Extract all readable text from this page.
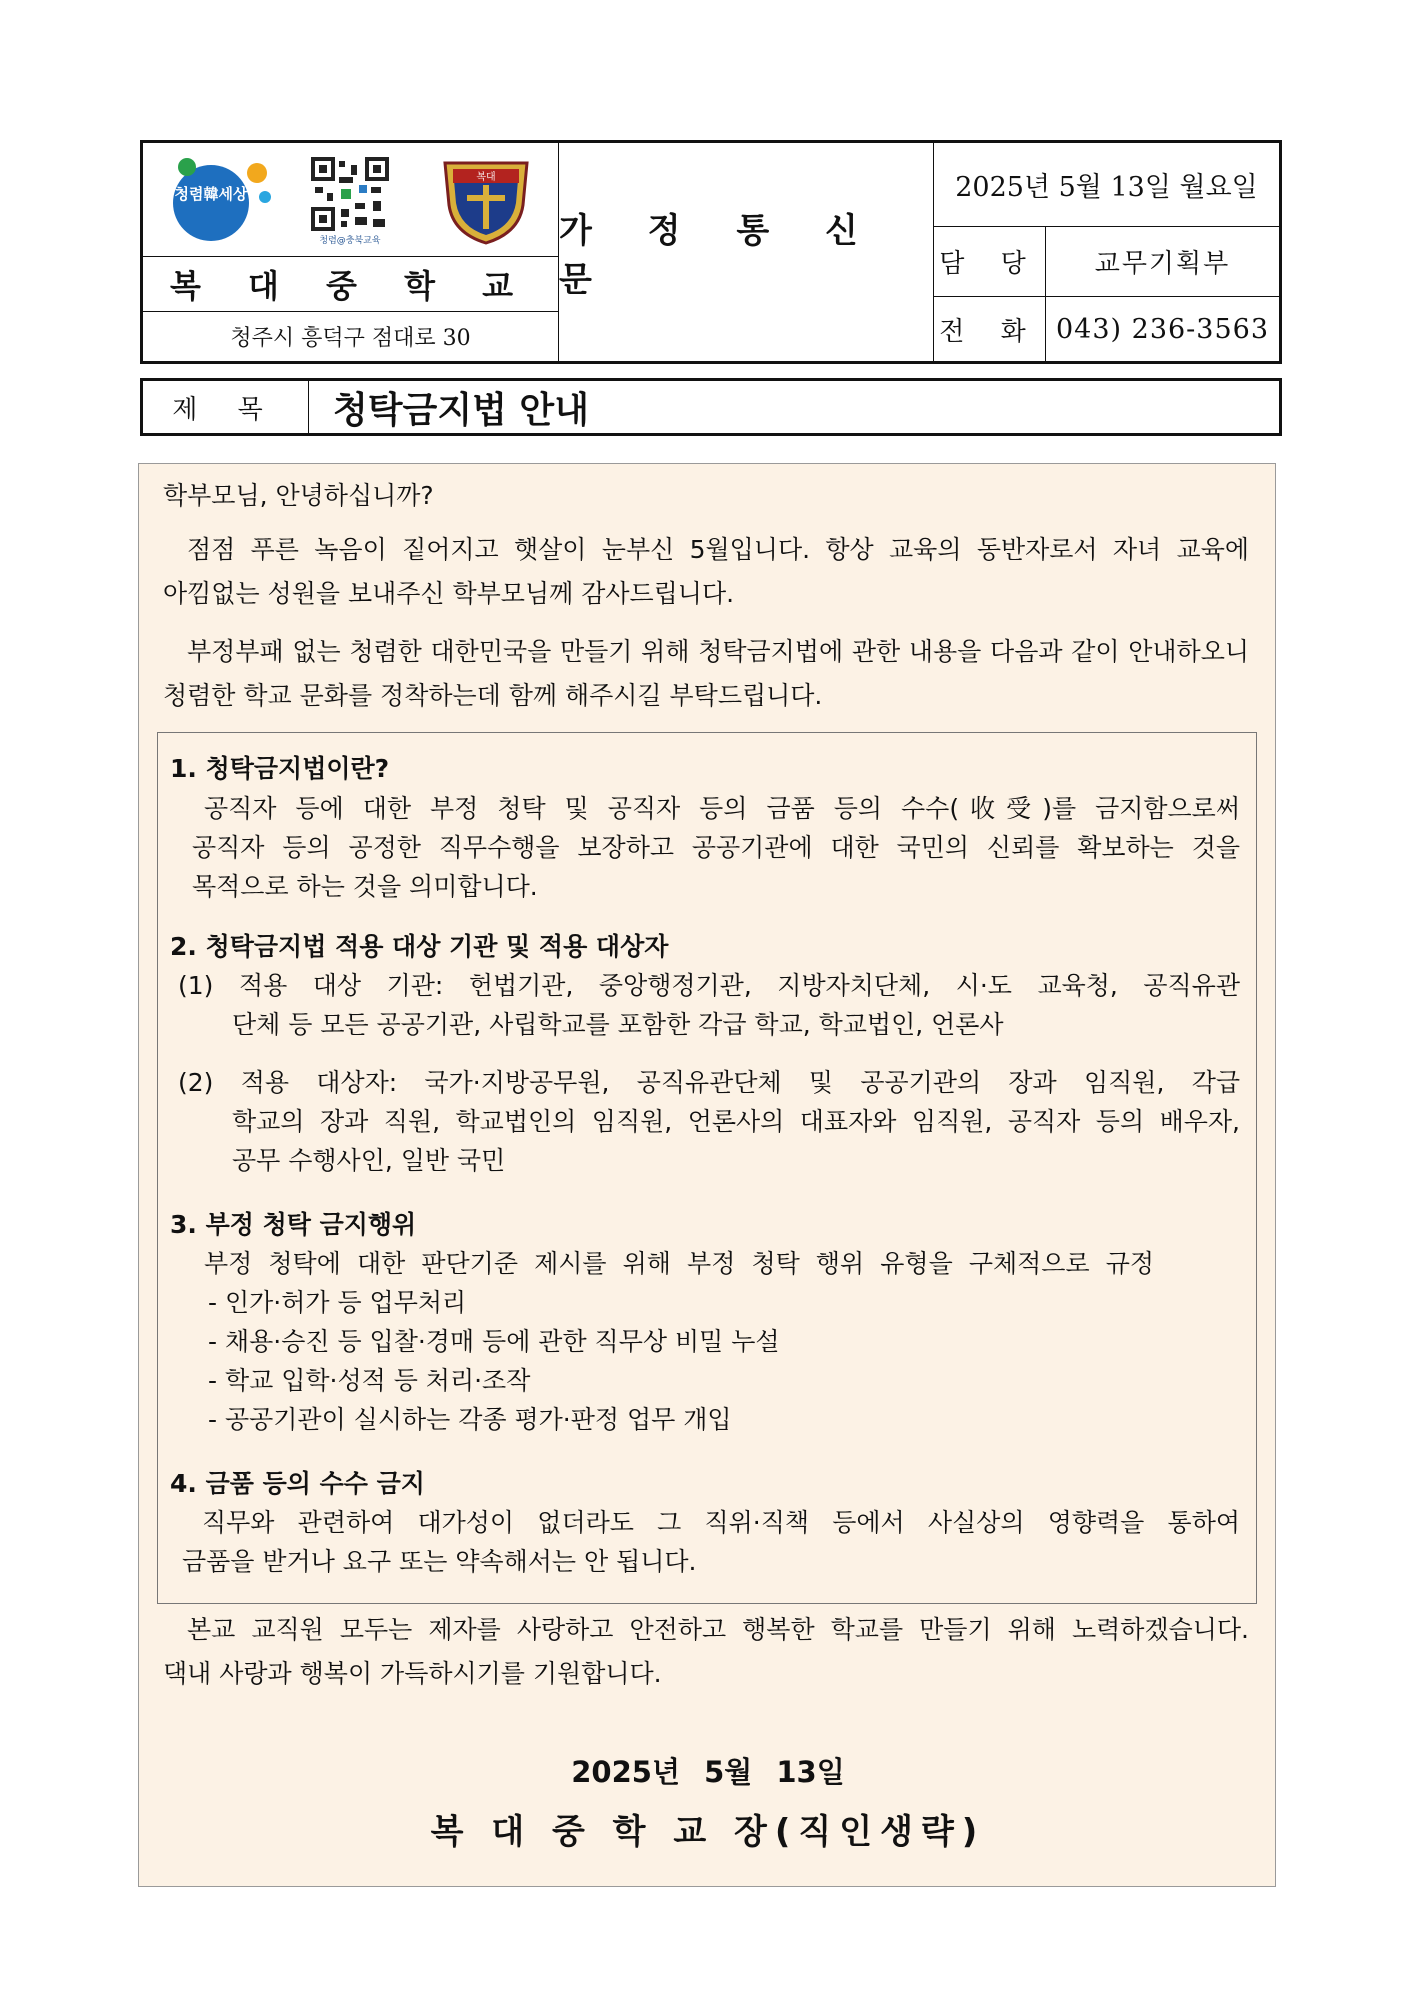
청렴韓세상
청렴@충북교육
복대
복 대 중 학 교
청주시 흥덕구 점대로 30
가 정 통 신 문
2025년 5월 13일 월요일
담 당 교무기획부
전 화 043) 236-3563
제 목	청탁금지법 안내
학부모님, 안녕하십니까?
점점 푸른 녹음이 짙어지고 햇살이 눈부신 5월입니다. 항상 교육의 동반자로서 자녀 교육에
아낌없는 성원을 보내주신 학부모님께 감사드립니다.
부정부패 없는 청렴한 대한민국을 만들기 위해 청탁금지법에 관한 내용을 다음과 같이 안내하오니
청렴한 학교 문화를 정착하는데 함께 해주시길 부탁드립니다.
1. 청탁금지법이란?
공직자 등에 대한 부정 청탁 및 공직자 등의 금품 등의 수수(收受)를 금지함으로써
공직자 등의 공정한 직무수행을 보장하고 공공기관에 대한 국민의 신뢰를 확보하는 것을
목적으로 하는 것을 의미합니다.
2. 청탁금지법 적용 대상 기관 및 적용 대상자
(1) 적용 대상 기관: 헌법기관, 중앙행정기관, 지방자치단체, 시·도 교육청, 공직유관
단체 등 모든 공공기관, 사립학교를 포함한 각급 학교, 학교법인, 언론사
(2) 적용 대상자: 국가·지방공무원, 공직유관단체 및 공공기관의 장과 임직원, 각급
학교의 장과 직원, 학교법인의 임직원, 언론사의 대표자와 임직원, 공직자 등의 배우자,
공무 수행사인, 일반 국민
3. 부정 청탁 금지행위
부정 청탁에 대한 판단기준 제시를 위해 부정 청탁 행위 유형을 구체적으로 규정
- 인가·허가 등 업무처리
- 채용·승진 등 입찰·경매 등에 관한 직무상 비밀 누설
- 학교 입학·성적 등 처리·조작
- 공공기관이 실시하는 각종 평가·판정 업무 개입
4. 금품 등의 수수 금지
직무와 관련하여 대가성이 없더라도 그 직위·직책 등에서 사실상의 영향력을 통하여
금품을 받거나 요구 또는 약속해서는 안 됩니다.
본교 교직원 모두는 제자를 사랑하고 안전하고 행복한 학교를 만들기 위해 노력하겠습니다.
댁내 사랑과 행복이 가득하시기를 기원합니다.
2025년 5월 13일
복 대 중 학 교 장(직인생략)
